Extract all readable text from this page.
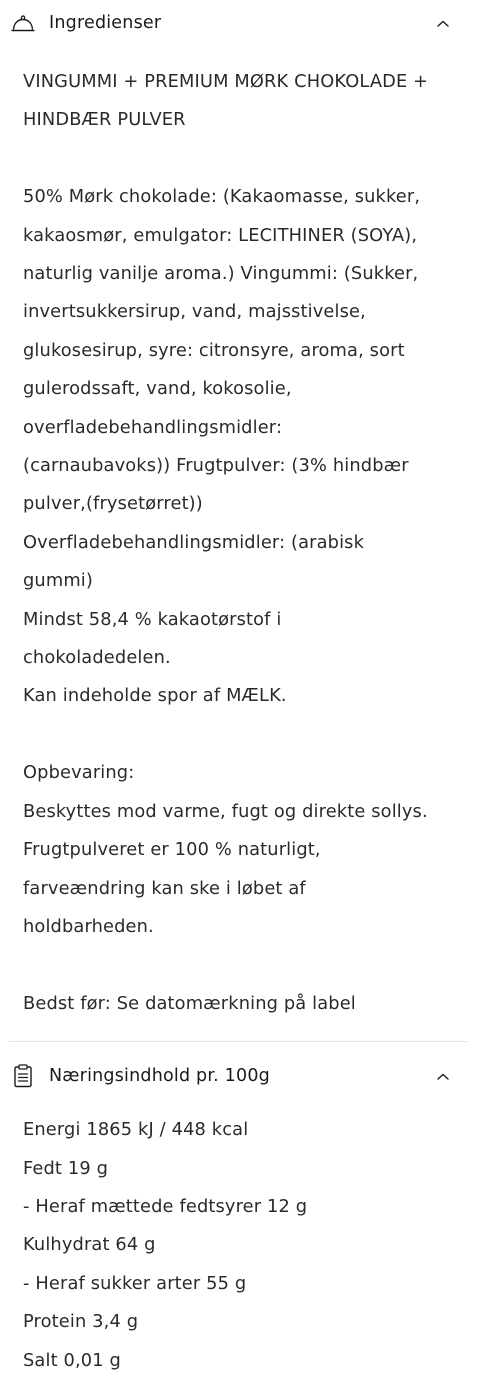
Ingredienser

VINGUMMI + PREMIUM MØRK CHOKOLADE +
HINDBÆR PULVER

50% Mørk chokolade: (Kakaomasse, sukker,
kakaosmør, emulgator: LECITHINER (SOYA),
naturlig vanilje aroma.) Vingummi: (Sukker,
invertsukkersirup, vand, majsstivelse,
glukosesirup, syre: citronsyre, aroma, sort
gulerodssaft, vand, kokosolie,
overfladebehandlingsmidler:
(carnaubavoks)) Frugtpulver: (3% hindbær
pulver,(frysetørret))
Overfladebehandlingsmidler: (arabisk
gummi)
Mindst 58,4 % kakaotørstof i
chokoladedelen.
Kan indeholde spor af MÆLK.

Opbevaring:
Beskyttes mod varme, fugt og direkte sollys.
Frugtpulveret er 100 % naturligt,
farveændring kan ske i løbet af
holdbarheden.

Bedst før: Se datomærkning på label

Næringsindhold pr. 100g

Energi 1865 kJ / 448 kcal
Fedt 19 g
- Heraf mættede fedtsyrer 12 g
Kulhydrat 64 g
- Heraf sukker arter 55 g
Protein 3,4 g
Salt 0,01 g
